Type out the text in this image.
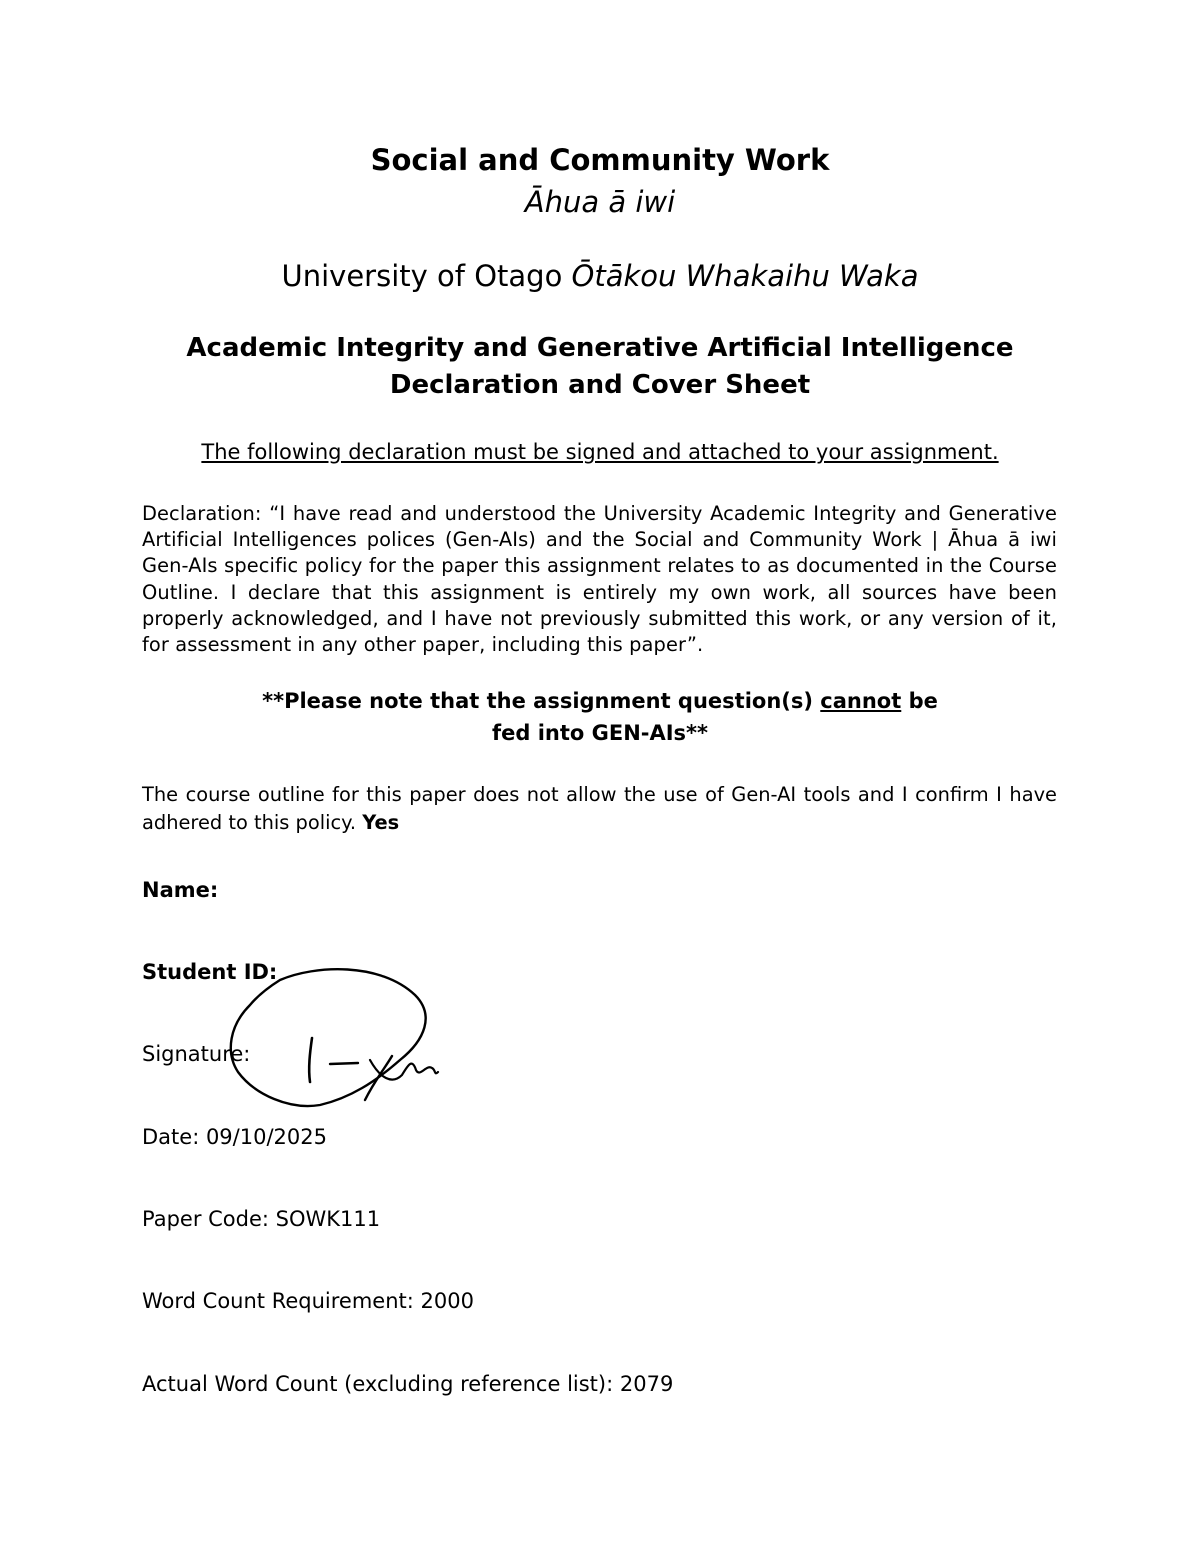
Social and Community Work
Āhua ā iwi
University of Otago Ōtākou Whakaihu Waka
Academic Integrity and Generative Artificial Intelligence
Declaration and Cover Sheet
The following declaration must be signed and attached to your assignment.

Declaration: “I have read and understood the University Academic Integrity and Generative Artificial Intelligences polices (Gen-AIs) and the Social and Community Work | Āhua ā iwi Gen-AIs specific policy for the paper this assignment relates to as documented in the Course Outline. I declare that this assignment is entirely my own work, all sources have been properly acknowledged, and I have not previously submitted this work, or any version of it, for assessment in any other paper, including this paper”.

**Please note that the assignment question(s) cannot be fed into GEN-AIs**

The course outline for this paper does not allow the use of Gen-AI tools and I confirm I have adhered to this policy. Yes

Name:
Student ID:
Signature:
Date: 09/10/2025
Paper Code: SOWK111
Word Count Requirement: 2000
Actual Word Count (excluding reference list): 2079
